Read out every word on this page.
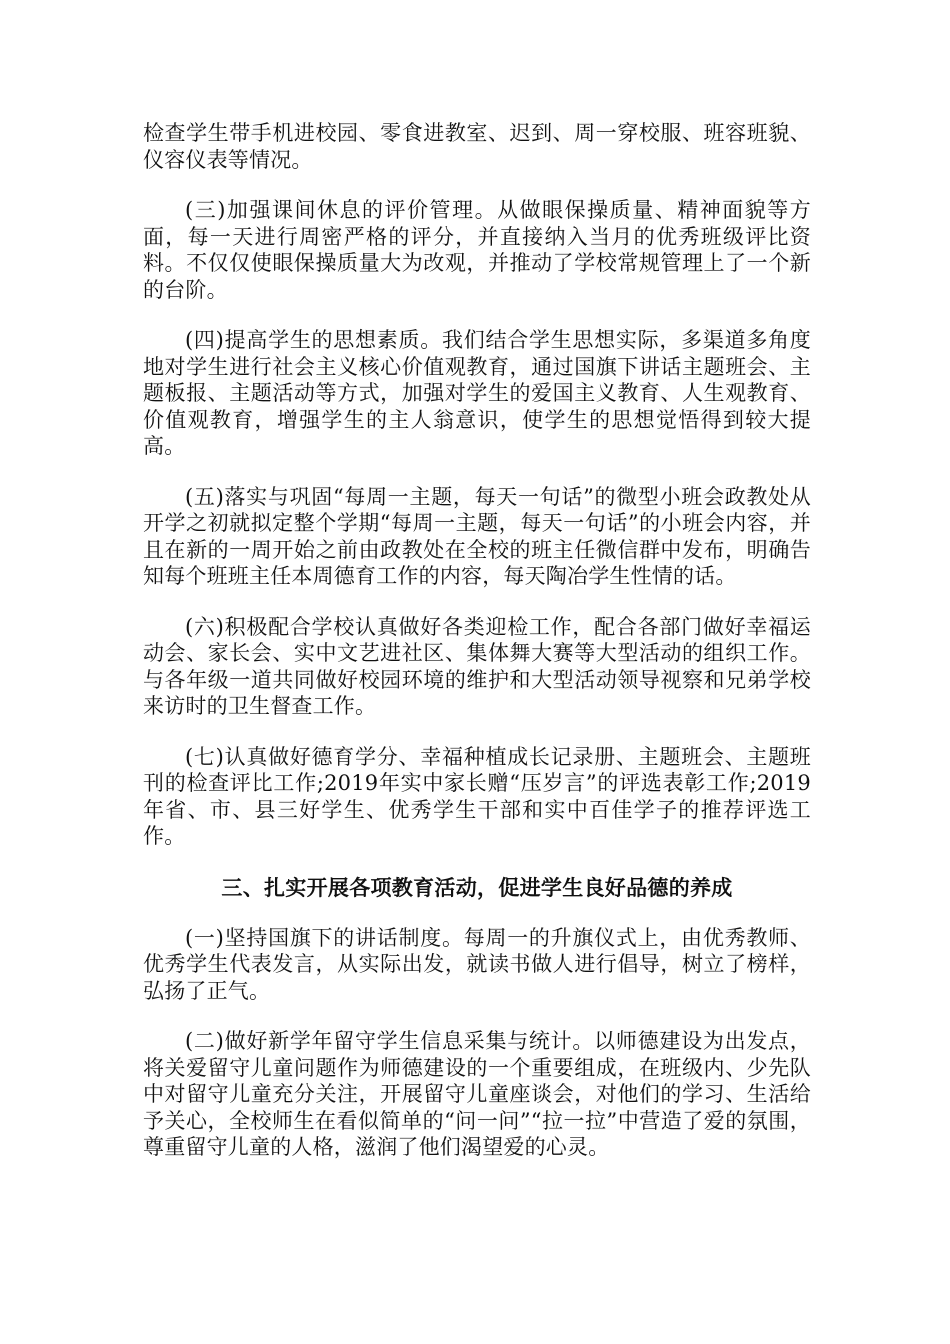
检查学生带手机进校园、零食进教室、迟到、周一穿校服、班容班貌、仪容仪表等情况。

(三)加强课间休息的评价管理。从做眼保操质量、精神面貌等方面，每一天进行周密严格的评分，并直接纳入当月的优秀班级评比资料。不仅仅使眼保操质量大为改观，并推动了学校常规管理上了一个新的台阶。

(四)提高学生的思想素质。我们结合学生思想实际，多渠道多角度地对学生进行社会主义核心价值观教育，通过国旗下讲话主题班会、主题板报、主题活动等方式，加强对学生的爱国主义教育、人生观教育、价值观教育，增强学生的主人翁意识，使学生的思想觉悟得到较大提高。

(五)落实与巩固“每周一主题，每天一句话”的微型小班会政教处从开学之初就拟定整个学期“每周一主题，每天一句话”的小班会内容，并且在新的一周开始之前由政教处在全校的班主任微信群中发布，明确告知每个班班主任本周德育工作的内容，每天陶冶学生性情的话。

(六)积极配合学校认真做好各类迎检工作，配合各部门做好幸福运动会、家长会、实中文艺进社区、集体舞大赛等大型活动的组织工作。与各年级一道共同做好校园环境的维护和大型活动领导视察和兄弟学校来访时的卫生督查工作。

(七)认真做好德育学分、幸福种植成长记录册、主题班会、主题班刊的检查评比工作;2019年实中家长赠“压岁言”的评选表彰工作;2019年省、市、县三好学生、优秀学生干部和实中百佳学子的推荐评选工作。

三、扎实开展各项教育活动，促进学生良好品德的养成

(一)坚持国旗下的讲话制度。每周一的升旗仪式上，由优秀教师、优秀学生代表发言，从实际出发，就读书做人进行倡导，树立了榜样，弘扬了正气。

(二)做好新学年留守学生信息采集与统计。以师德建设为出发点，将关爱留守儿童问题作为师德建设的一个重要组成，在班级内、少先队中对留守儿童充分关注，开展留守儿童座谈会，对他们的学习、生活给予关心，全校师生在看似简单的“问一问”“拉一拉”中营造了爱的氛围，尊重留守儿童的人格，滋润了他们渴望爱的心灵。
